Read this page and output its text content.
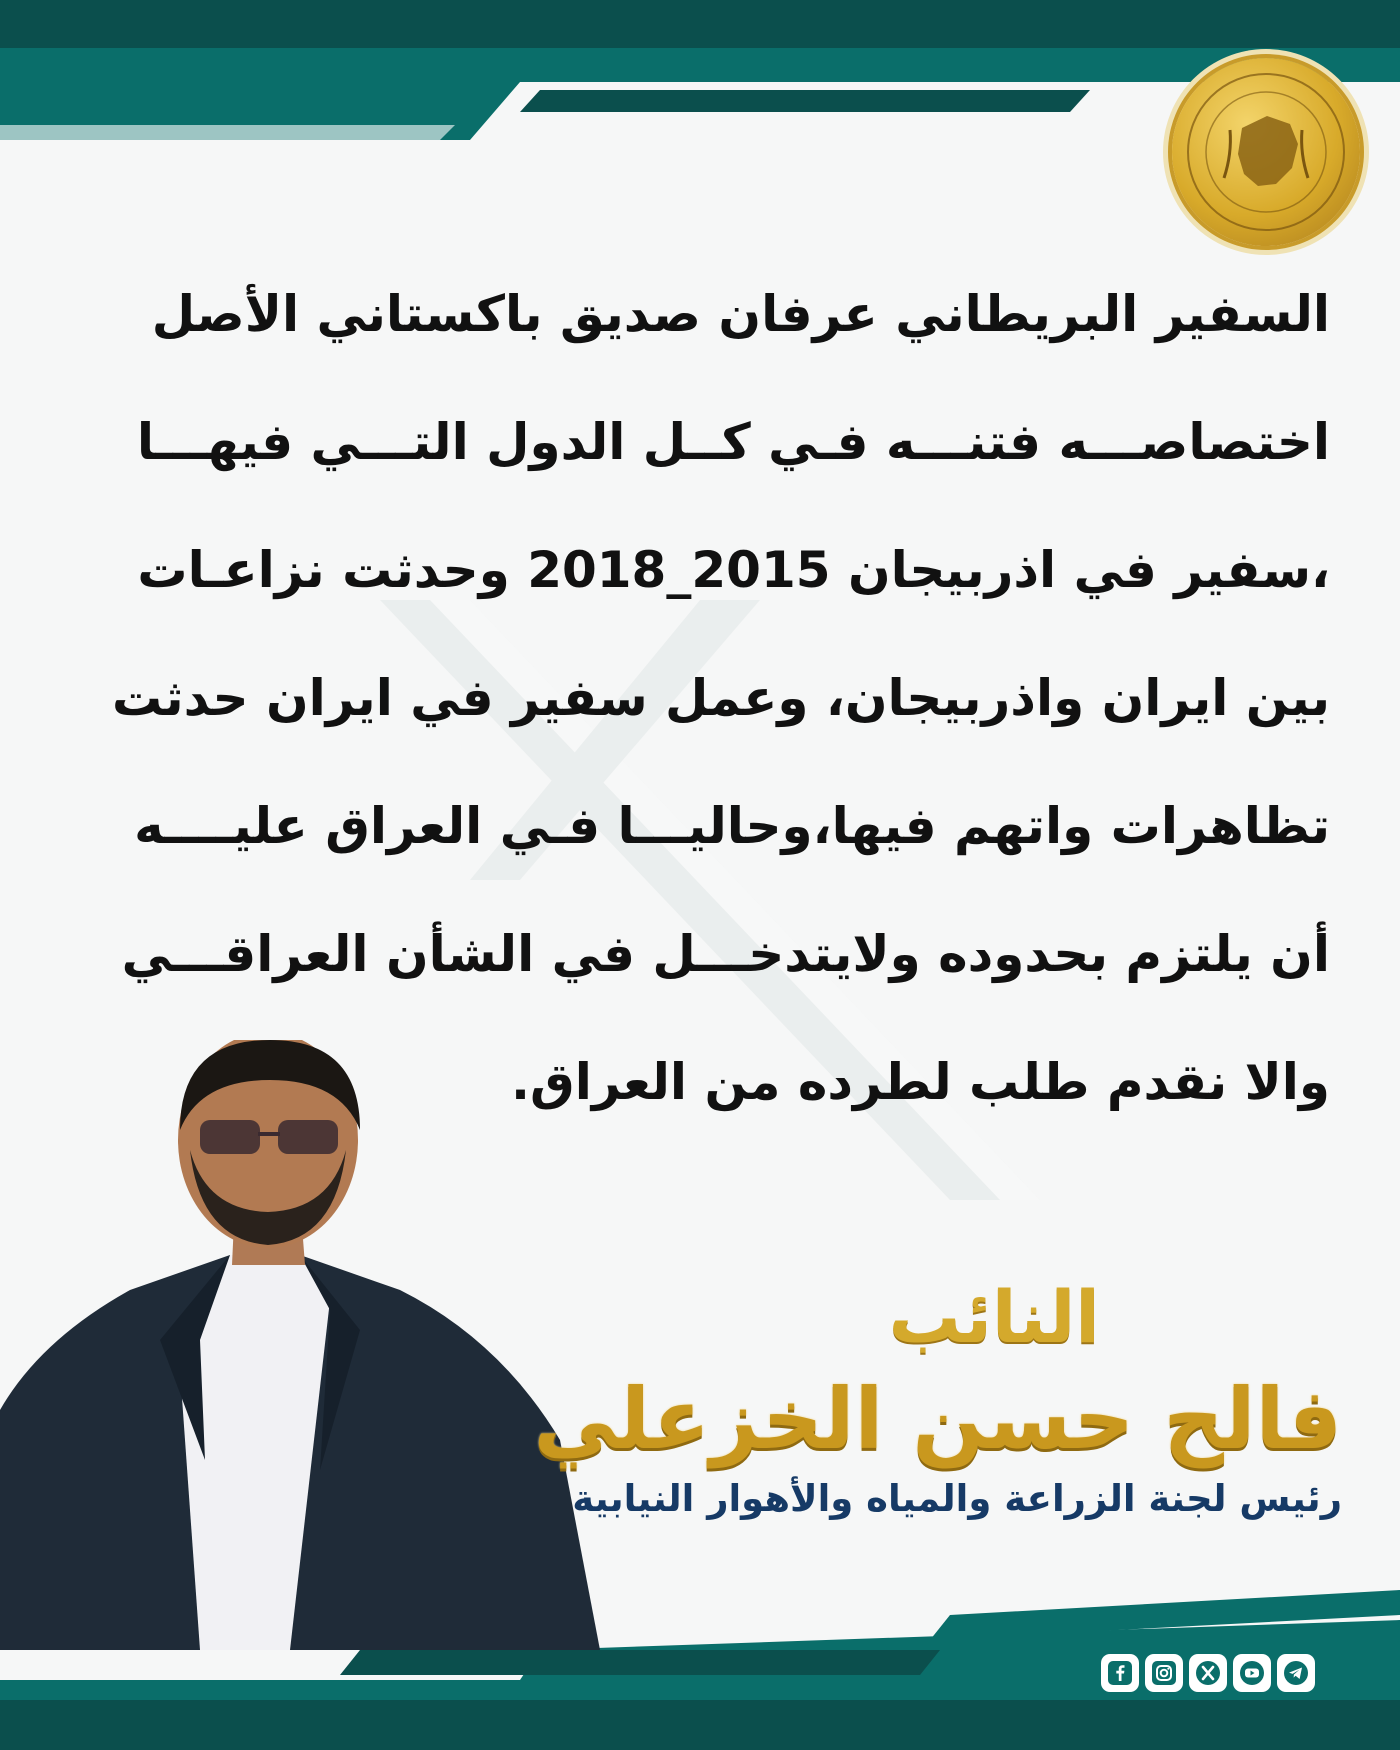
السفير البريطاني عرفان صديق باكستاني الأصل
اختصاصـــه فتنـــه فـي كــل الدول التـــي فيهـــا
،سفير في اذربيجان 2015_2018 وحدثت نزاعـات
بين ايران واذربيجان، وعمل سفير في ايران حدثت
تظاهرات واتهم فيها،وحاليـــا فـي العراق عليــــه
أن يلتزم بحدوده ولايتدخـــل في الشأن العراقـــي
والا نقدم طلب لطرده من العراق.
النائب
فالح حسن الخزعلي
رئيس لجنة الزراعة والمياه والأهوار النيابية
